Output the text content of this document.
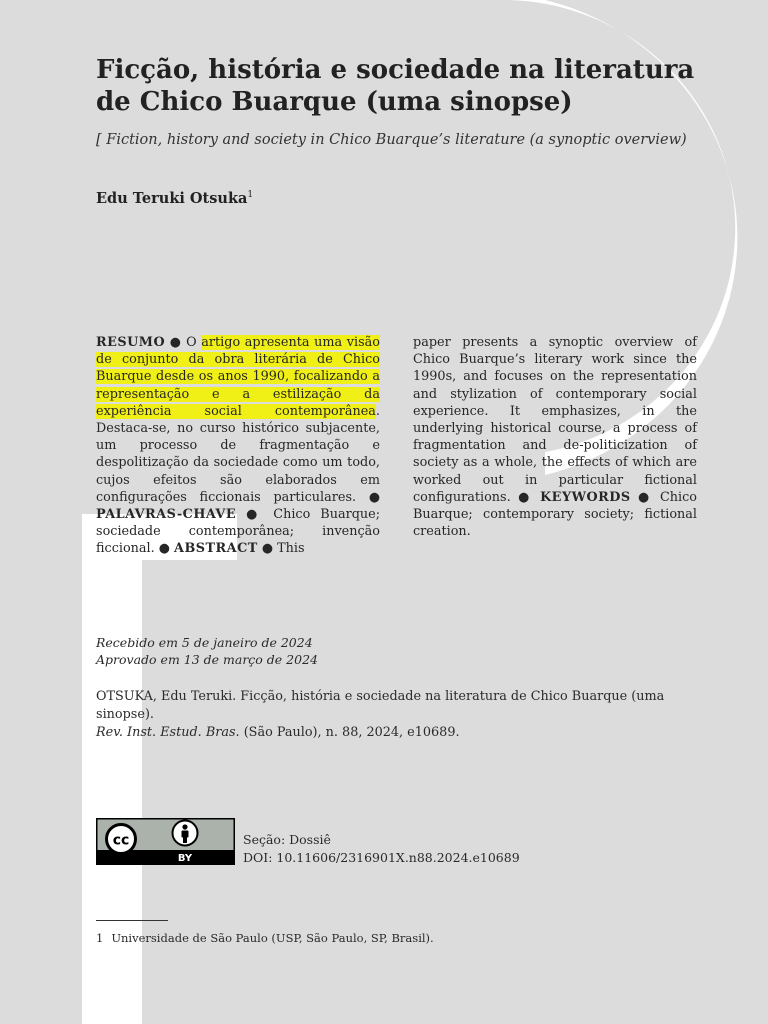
Ficção, história e sociedade na literatura de Chico Buarque (uma sinopse)
[ Fiction, history and society in Chico Buarque’s literature (a synoptic overview)
Edu Teruki Otsuka$^1$
RESUMO ● O artigo apresenta uma visão de conjunto da obra literária de Chico Buarque desde os anos 1990, focalizando a representação e a estilização da experiência social contemporânea. Destaca-se, no curso histórico subjacente, um processo de fragmentação e despolitização da sociedade como um todo, cujos efeitos são elaborados em configurações ficcionais particulares. ● PALAVRAS-CHAVE ● Chico Buarque; sociedade contemporânea; invenção ficcional. ● ABSTRACT ● This
paper presents a synoptic overview of Chico Buarque’s literary work since the 1990s, and focuses on the representation and stylization of contemporary social experience. It emphasizes, in the underlying historical course, a process of fragmentation and de-politicization of society as a whole, the effects of which are worked out in particular fictional configurations. ● KEYWORDS ● Chico Buarque; contemporary society; fictional creation.
Recebido em 5 de janeiro de 2024
Aprovado em 13 de março de 2024
OTSUKA, Edu Teruki. Ficção, história e sociedade na literatura de Chico Buarque (uma sinopse).
Rev. Inst. Estud. Bras. (São Paulo), n. 88, 2024, e10689.
cc
BY
Seção: Dossiê
DOI: 10.11606/2316901X.n88.2024.e10689
1 Universidade de São Paulo (USP, São Paulo, SP, Brasil).
